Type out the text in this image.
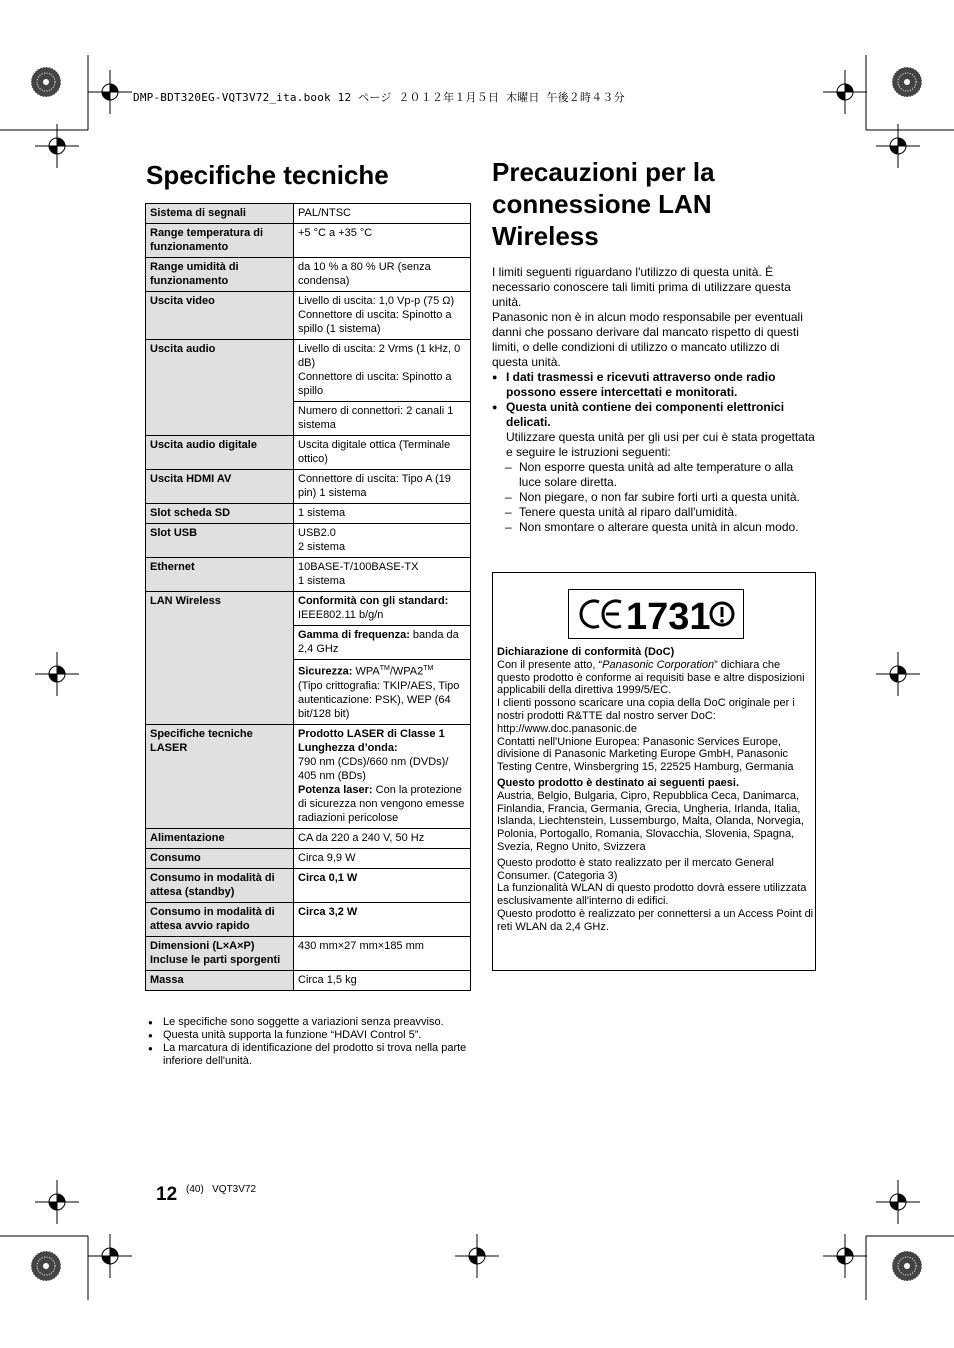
DMP-BDT320EG-VQT3V72_ita.book 12 ページ ２０１２年１月５日 木曜日 午後２時４３分
Specifiche tecniche
Sistema di segnali	PAL/NTSC
Range temperatura di funzionamento	+5 °C a +35 °C
Range umidità di funzionamento	da 10 % a 80 % UR (senza condensa)
Uscita video	Livello di uscita: 1,0 Vp-p (75 Ω)
Connettore di uscita: Spinotto a spillo (1 sistema)
Uscita audio	Livello di uscita: 2 Vrms (1 kHz, 0 dB)
Connettore di uscita: Spinotto a spillo
	Numero di connettori: 2 canali 1 sistema
Uscita audio digitale	Uscita digitale ottica (Terminale ottico)
Uscita HDMI AV	Connettore di uscita: Tipo A (19 pin) 1 sistema
Slot scheda SD	1 sistema
Slot USB	USB2.0
2 sistema
Ethernet	10BASE-T/100BASE-TX
1 sistema
LAN Wireless	Conformità con gli standard:
IEEE802.11 b/g/n
	Gamma di frequenza: banda da 2,4 GHz
	Sicurezza: WPA™/WPA2™
(Tipo crittografia: TKIP/AES, Tipo autenticazione: PSK), WEP (64 bit/128 bit)
Specifiche tecniche LASER	Prodotto LASER di Classe 1
Lunghezza d’onda:
790 nm (CDs)/660 nm (DVDs)/ 405 nm (BDs)
Potenza laser: Con la protezione di sicurezza non vengono emesse radiazioni pericolose
Alimentazione	CA da 220 a 240 V, 50 Hz
Consumo	Circa 9,9 W
Consumo in modalità di attesa (standby)	Circa 0,1 W
Consumo in modalità di attesa avvio rapido	Circa 3,2 W
Dimensioni (L×A×P) Incluse le parti sporgenti	430 mm×27 mm×185 mm
Massa	Circa 1,5 kg
● Le specifiche sono soggette a variazioni senza preavviso.
● Questa unità supporta la funzione “HDAVI Control 5”.
● La marcatura di identificazione del prodotto si trova nella parte inferiore dell'unità.
Precauzioni per la connessione LAN Wireless

I limiti seguenti riguardano l'utilizzo di questa unità. È necessario conoscere tali limiti prima di utilizzare questa unità.

Panasonic non è in alcun modo responsabile per eventuali danni che possano derivare dal mancato rispetto di questi limiti, o delle condizioni di utilizzo o mancato utilizzo di questa unità.

● I dati trasmessi e ricevuti attraverso onde radio possono essere intercettati e monitorati.
● Questa unità contiene dei componenti elettronici delicati.
Utilizzare questa unità per gli usi per cui è stata progettata e seguire le istruzioni seguenti:
– Non esporre questa unità ad alte temperature o alla luce solare diretta.
– Non piegare, o non far subire forti urti a questa unità.
– Tenere questa unità al riparo dall'umidità.
– Non smontare o alterare questa unità in alcun modo.
1731

Dichiarazione di conformità (DoC)
Con il presente atto, “Panasonic Corporation” dichiara che questo prodotto è conforme ai requisiti base e altre disposizioni applicabili della direttiva 1999/5/EC.
I clienti possono scaricare una copia della DoC originale per i nostri prodotti R&TTE dal nostro server DoC:
http://www.doc.panasonic.de
Contatti nell'Unione Europea: Panasonic Services Europe, divisione di Panasonic Marketing Europe GmbH, Panasonic Testing Centre, Winsbergring 15, 22525 Hamburg, Germania

Questo prodotto è destinato ai seguenti paesi.
Austria, Belgio, Bulgaria, Cipro, Repubblica Ceca, Danimarca, Finlandia, Francia, Germania, Grecia, Ungheria, Irlanda, Italia, Islanda, Liechtenstein, Lussemburgo, Malta, Olanda, Norvegia, Polonia, Portogallo, Romania, Slovacchia, Slovenia, Spagna, Svezia, Regno Unito, Svizzera

Questo prodotto è stato realizzato per il mercato General Consumer. (Categoria 3)
La funzionalità WLAN di questo prodotto dovrà essere utilizzata esclusivamente all'interno di edifici.
Questo prodotto è realizzato per connettersi a un Access Point di reti WLAN da 2,4 GHz.

12 (40)   VQT3V72
